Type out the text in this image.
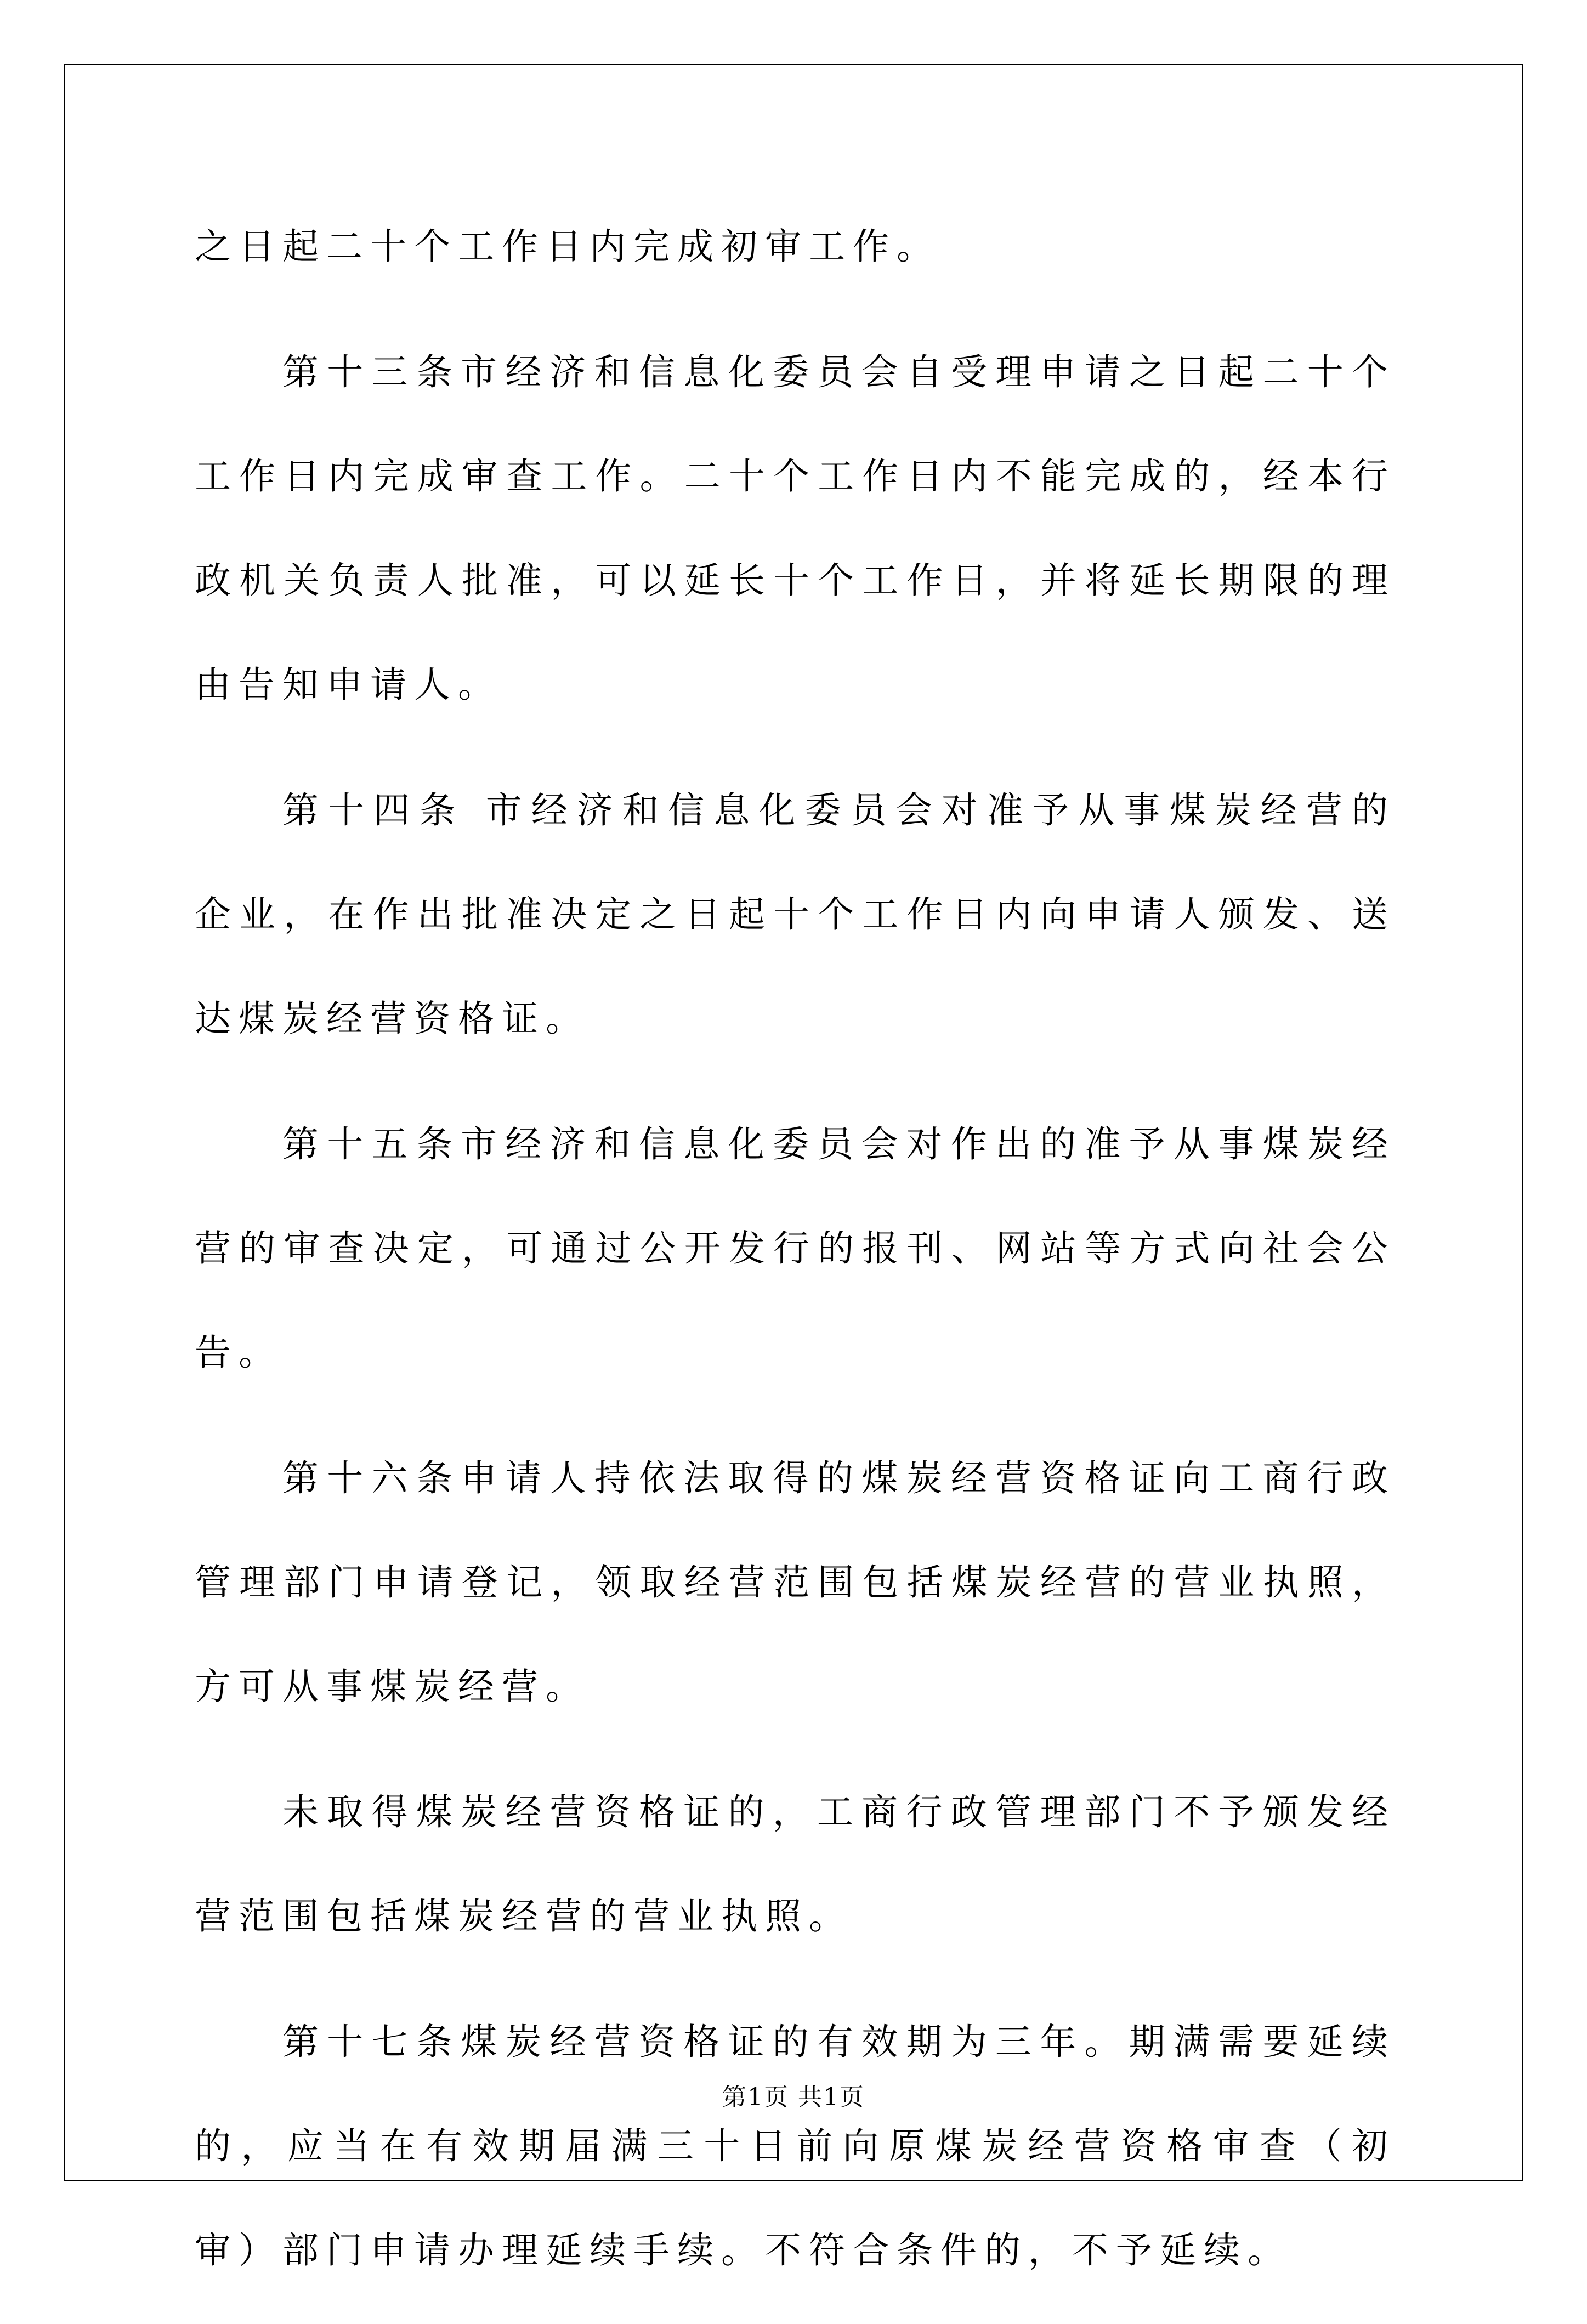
之日起二十个工作日内完成初审工作。

第十三条市经济和信息化委员会自受理申请之日起二十个工作日内完成审查工作。二十个工作日内不能完成的，经本行政机关负责人批准，可以延长十个工作日，并将延长期限的理由告知申请人。

第十四条 市经济和信息化委员会对准予从事煤炭经营的企业，在作出批准决定之日起十个工作日内向申请人颁发、送达煤炭经营资格证。

第十五条市经济和信息化委员会对作出的准予从事煤炭经营的审查决定，可通过公开发行的报刊、网站等方式向社会公告。

第十六条申请人持依法取得的煤炭经营资格证向工商行政管理部门申请登记，领取经营范围包括煤炭经营的营业执照，方可从事煤炭经营。

未取得煤炭经营资格证的，工商行政管理部门不予颁发经营范围包括煤炭经营的营业执照。

第十七条煤炭经营资格证的有效期为三年。期满需要延续的，应当在有效期届满三十日前向原煤炭经营资格审查（初审）部门申请办理延续手续。不符合条件的，不予延续。

第1页 共1页
